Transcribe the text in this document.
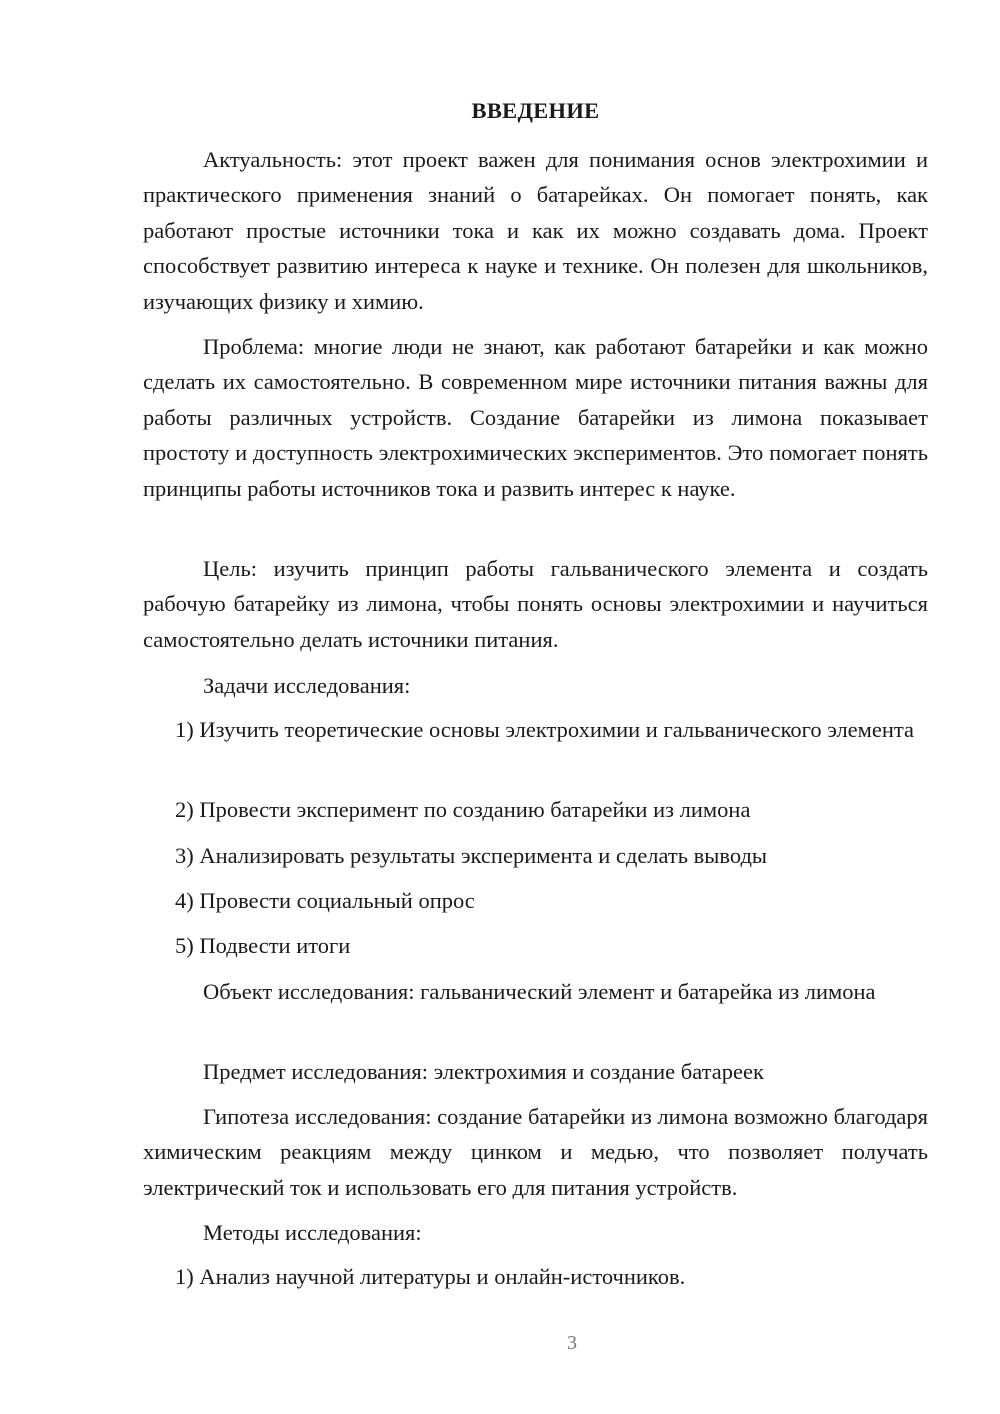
ВВЕДЕНИЕ

Актуальность: этот проект важен для понимания основ электрохимии и практического применения знаний о батарейках. Он помогает понять, как работают простые источники тока и как их можно создавать дома. Проект способствует развитию интереса к науке и технике. Он полезен для школьников, изучающих физику и химию.

Проблема: многие люди не знают, как работают батарейки и как можно сделать их самостоятельно. В современном мире источники питания важны для работы различных устройств. Создание батарейки из лимона показывает простоту и доступность электрохимических экспериментов. Это помогает понять принципы работы источников тока и развить интерес к науке.

Цель: изучить принцип работы гальванического элемента и создать рабочую батарейку из лимона, чтобы понять основы электрохимии и научиться самостоятельно делать источники питания.

Задачи исследования:

1) Изучить теоретические основы электрохимии и гальванического элемента

2) Провести эксперимент по созданию батарейки из лимона

3) Анализировать результаты эксперимента и сделать выводы

4) Провести социальный опрос

5) Подвести итоги

Объект исследования: гальванический элемент и батарейка из лимона

Предмет исследования: электрохимия и создание батареек

Гипотеза исследования: создание батарейки из лимона возможно благодаря химическим реакциям между цинком и медью, что позволяет получать электрический ток и использовать его для питания устройств.

Методы исследования:

1) Анализ научной литературы и онлайн-источников.

3
